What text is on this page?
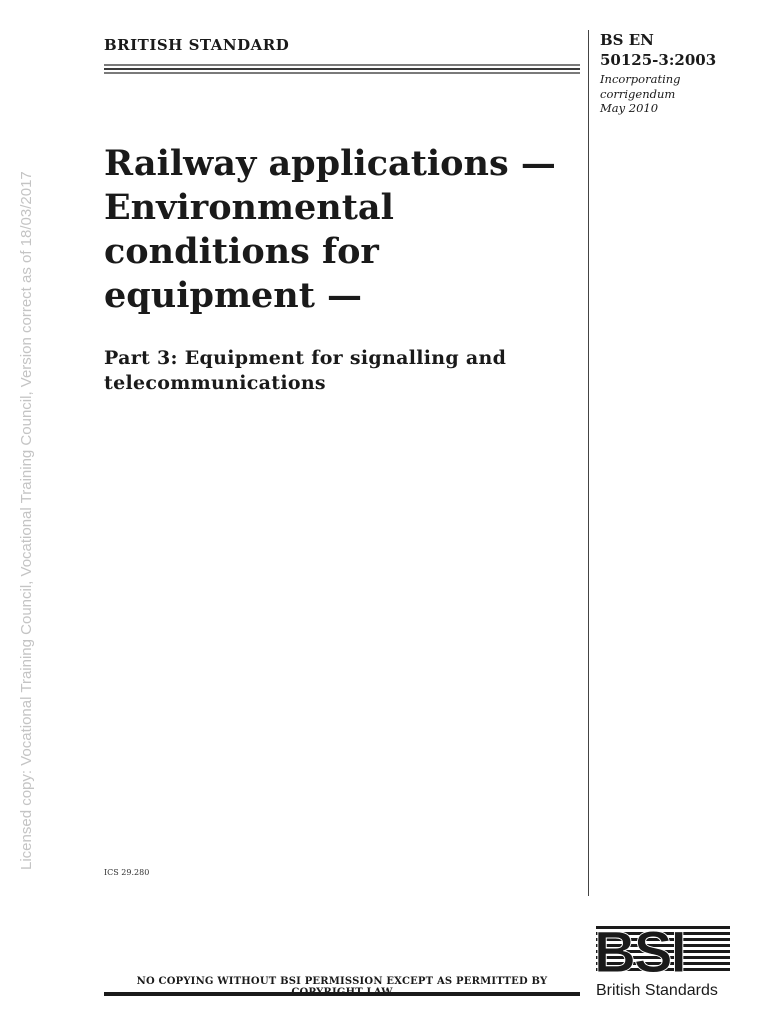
BRITISH STANDARD	BS EN
50125-3:2003
Incorporating
corrigendum
May 2010
Railway applications —
Environmental
conditions for
equipment —
Part 3: Equipment for signalling and
telecommunications
Licensed copy: Vocational Training Council, Vocational Training Council, Version correct as of 18/03/2017
ICS 29.280
NO COPYING WITHOUT BSI PERMISSION EXCEPT AS PERMITTED BY BSI
British Standards
